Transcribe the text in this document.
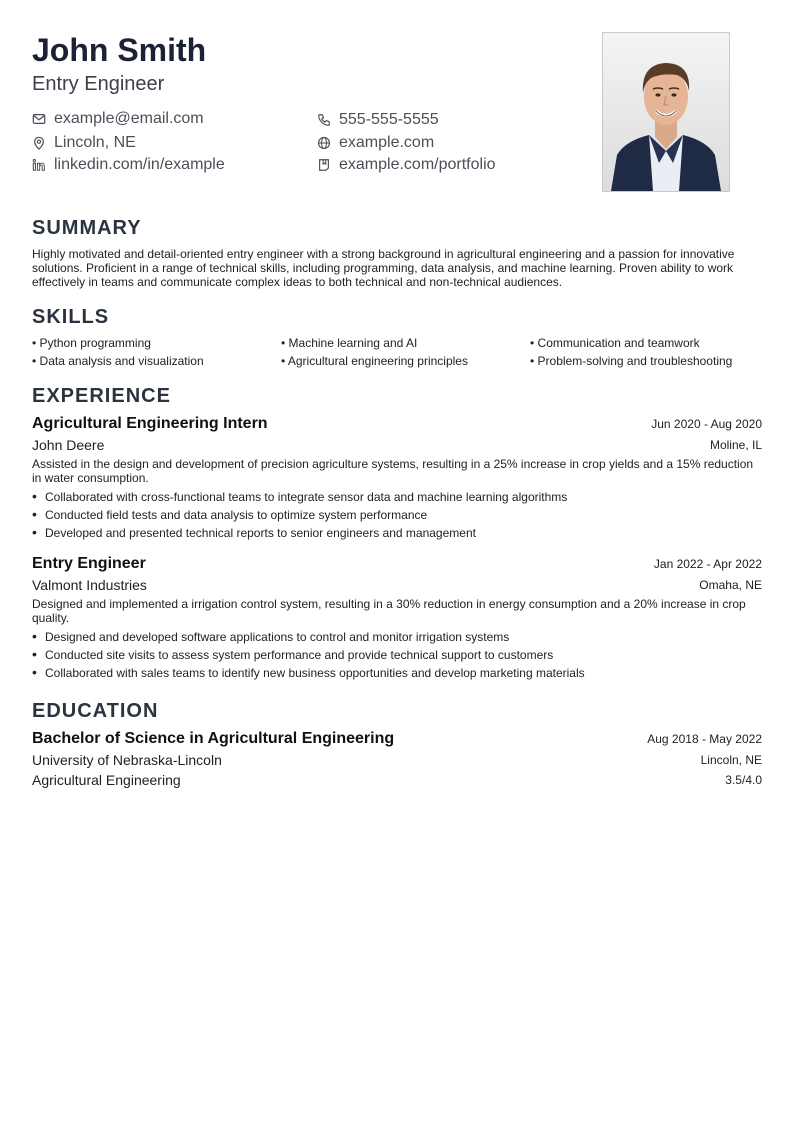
John Smith
Entry Engineer
example@email.com	555-555-5555
Lincoln, NE	example.com
linkedin.com/in/example	example.com/portfolio
SUMMARY

Highly motivated and detail-oriented entry engineer with a strong background in agricultural engineering and a passion for innovative solutions. Proficient in a range of technical skills, including programming, data analysis, and machine learning. Proven ability to work effectively in teams and communicate complex ideas to both technical and non-technical audiences.

SKILLS
• Python programming	• Machine learning and AI	• Communication and teamwork
• Data analysis and visualization	• Agricultural engineering principles	• Problem-solving and troubleshooting
EXPERIENCE
Agricultural Engineering Intern	Jun 2020 - Aug 2020
John Deere	Moline, IL

Assisted in the design and development of precision agriculture systems, resulting in a 25% increase in crop yields and a 15% reduction in water consumption.

• Collaborated with cross-functional teams to integrate sensor data and machine learning algorithms
• Conducted field tests and data analysis to optimize system performance
• Developed and presented technical reports to senior engineers and management
Entry Engineer	Jan 2022 - Apr 2022
Valmont Industries	Omaha, NE

Designed and implemented a irrigation control system, resulting in a 30% reduction in energy consumption and a 20% increase in crop quality.

• Designed and developed software applications to control and monitor irrigation systems
• Conducted site visits to assess system performance and provide technical support to customers
• Collaborated with sales teams to identify new business opportunities and develop marketing materials
EDUCATION
Bachelor of Science in Agricultural Engineering	Aug 2018 - May 2022
University of Nebraska-Lincoln	Lincoln, NE
Agricultural Engineering	3.5/4.0
